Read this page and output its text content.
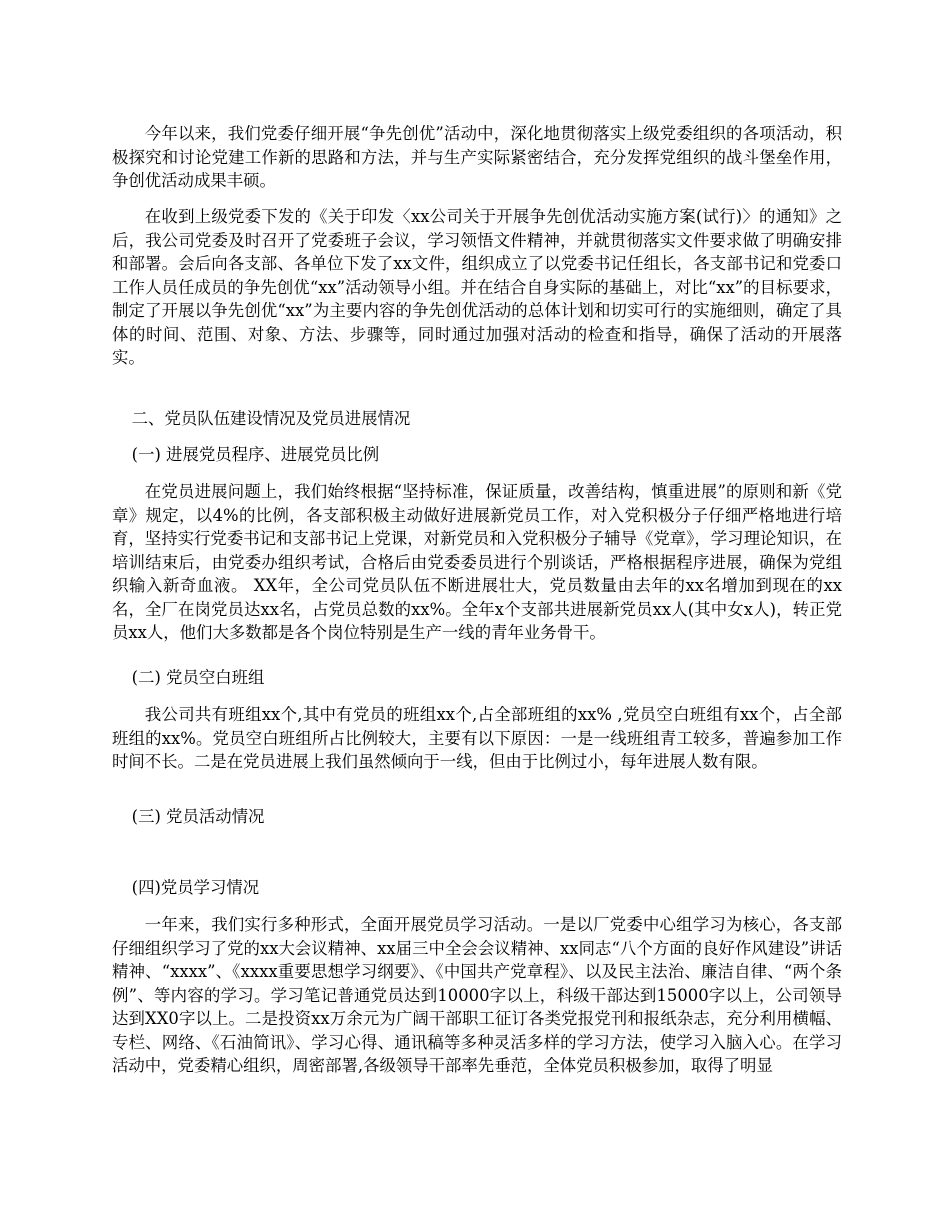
今年以来，我们党委仔细开展“争先创优”活动中，深化地贯彻落实上级党委组织的各项活动，积极探究和讨论党建工作新的思路和方法，并与生产实际紧密结合，充分发挥党组织的战斗堡垒作用，争创优活动成果丰硕。

在收到上级党委下发的《关于印发〈xx公司关于开展争先创优活动实施方案(试行)〉的通知》之后，我公司党委及时召开了党委班子会议，学习领悟文件精神，并就贯彻落实文件要求做了明确安排和部署。会后向各支部、各单位下发了xx文件，组织成立了以党委书记任组长，各支部书记和党委口工作人员任成员的争先创优“xx”活动领导小组。并在结合自身实际的基础上，对比“xx”的目标要求，制定了开展以争先创优“xx”为主要内容的争先创优活动的总体计划和切实可行的实施细则，确定了具体的时间、范围、对象、方法、步骤等，同时通过加强对活动的检查和指导，确保了活动的开展落实。

二、党员队伍建设情况及党员进展情况

(一) 进展党员程序、进展党员比例

在党员进展问题上，我们始终根据“坚持标准，保证质量，改善结构，慎重进展”的原则和新《党章》规定，以4%的比例，各支部积极主动做好进展新党员工作，对入党积极分子仔细严格地进行培育，坚持实行党委书记和支部书记上党课，对新党员和入党积极分子辅导《党章》，学习理论知识，在培训结束后，由党委办组织考试，合格后由党委委员进行个别谈话，严格根据程序进展，确保为党组织输入新奇血液。 XX年，全公司党员队伍不断进展壮大，党员数量由去年的xx名增加到现在的xx名，全厂在岗党员达xx名，占党员总数的xx%。全年x个支部共进展新党员xx人(其中女x人)，转正党员xx人，他们大多数都是各个岗位特别是生产一线的青年业务骨干。

(二) 党员空白班组

我公司共有班组xx个,其中有党员的班组xx个,占全部班组的xx% ,党员空白班组有xx个，占全部班组的xx%。党员空白班组所占比例较大，主要有以下原因：一是一线班组青工较多，普遍参加工作时间不长。二是在党员进展上我们虽然倾向于一线，但由于比例过小，每年进展人数有限。

(三) 党员活动情况

(四)党员学习情况

一年来，我们实行多种形式，全面开展党员学习活动。一是以厂党委中心组学习为核心，各支部仔细组织学习了党的xx大会议精神、xx届三中全会会议精神、xx同志“八个方面的良好作风建设”讲话精神、“xxxx”、《xxxx重要思想学习纲要》、《中国共产党章程》、以及民主法治、廉洁自律、“两个条例”、等内容的学习。学习笔记普通党员达到10000字以上，科级干部达到15000字以上，公司领导达到XX0字以上。二是投资xx万余元为广阔干部职工征订各类党报党刊和报纸杂志，充分利用横幅、专栏、网络、《石油简讯》、学习心得、通讯稿等多种灵活多样的学习方法，使学习入脑入心。在学习活动中，党委精心组织，周密部署,各级领导干部率先垂范，全体党员积极参加，取得了明显
